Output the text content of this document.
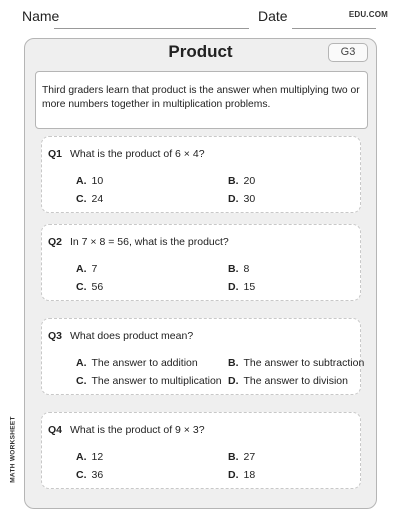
Name	Date	EDU.COM
Product	G3
Third graders learn that product is the answer when multiplying two or more numbers together in multiplication problems.
Q1 What is the product of 6 × 4?
A. 10	B. 20
C. 24	D. 30
Q2 In 7 × 8 = 56, what is the product?
A. 7	B. 8
C. 56	D. 15
Q3 What does product mean?
A. The answer to addition	B. The answer to subtraction
C. The answer to multiplication D. The answer to division
Q4 What is the product of 9 × 3?
A. 12	B. 27
C. 36	D. 18
MATH WORKSHEET
